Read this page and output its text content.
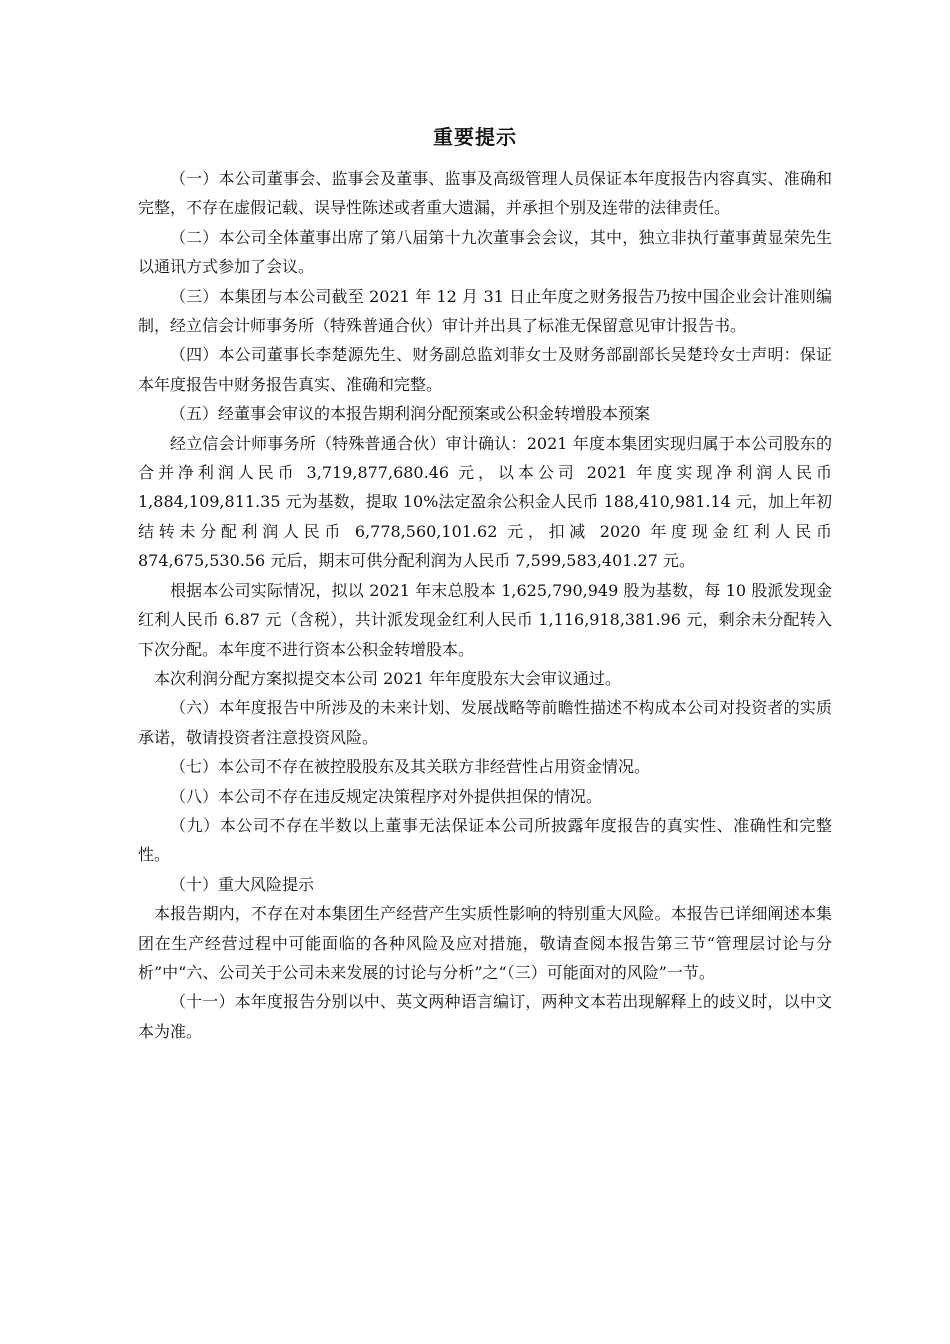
重要提示

（一）本公司董事会、监事会及董事、监事及高级管理人员保证本年度报告内容真实、准确和完整，不存在虚假记载、误导性陈述或者重大遗漏，并承担个别及连带的法律责任。

（二）本公司全体董事出席了第八届第十九次董事会会议，其中，独立非执行董事黄显荣先生以通讯方式参加了会议。

（三）本集团与本公司截至 2021 年 12 月 31 日止年度之财务报告乃按中国企业会计准则编制，经立信会计师事务所（特殊普通合伙）审计并出具了标准无保留意见审计报告书。

（四）本公司董事长李楚源先生、财务副总监刘菲女士及财务部副部长吴楚玲女士声明：保证本年度报告中财务报告真实、准确和完整。

（五）经董事会审议的本报告期利润分配预案或公积金转增股本预案

经立信会计师事务所（特殊普通合伙）审计确认：2021 年度本集团实现归属于本公司股东的合并净利润人民币 3,719,877,680.46 元，以本公司 2021 年度实现净利润人民币 1,884,109,811.35 元为基数，提取 10%法定盈余公积金人民币 188,410,981.14 元，加上年初结转未分配利润人民币 6,778,560,101.62 元，扣减 2020 年度现金红利人民币 874,675,530.56 元后，期末可供分配利润为人民币 7,599,583,401.27 元。

根据本公司实际情况，拟以 2021 年末总股本 1,625,790,949 股为基数，每 10 股派发现金红利人民币 6.87 元（含税），共计派发现金红利人民币 1,116,918,381.96 元，剩余未分配转入下次分配。本年度不进行资本公积金转增股本。

本次利润分配方案拟提交本公司 2021 年年度股东大会审议通过。

（六）本年度报告中所涉及的未来计划、发展战略等前瞻性描述不构成本公司对投资者的实质承诺，敬请投资者注意投资风险。

（七）本公司不存在被控股股东及其关联方非经营性占用资金情况。

（八）本公司不存在违反规定决策程序对外提供担保的情况。

（九）本公司不存在半数以上董事无法保证本公司所披露年度报告的真实性、准确性和完整性。

（十）重大风险提示

本报告期内，不存在对本集团生产经营产生实质性影响的特别重大风险。本报告已详细阐述本集团在生产经营过程中可能面临的各种风险及应对措施，敬请查阅本报告第三节“管理层讨论与分析”中“六、公司关于公司未来发展的讨论与分析”之“（三）可能面对的风险”一节。

（十一）本年度报告分别以中、英文两种语言编订，两种文本若出现解释上的歧义时，以中文本为准。
